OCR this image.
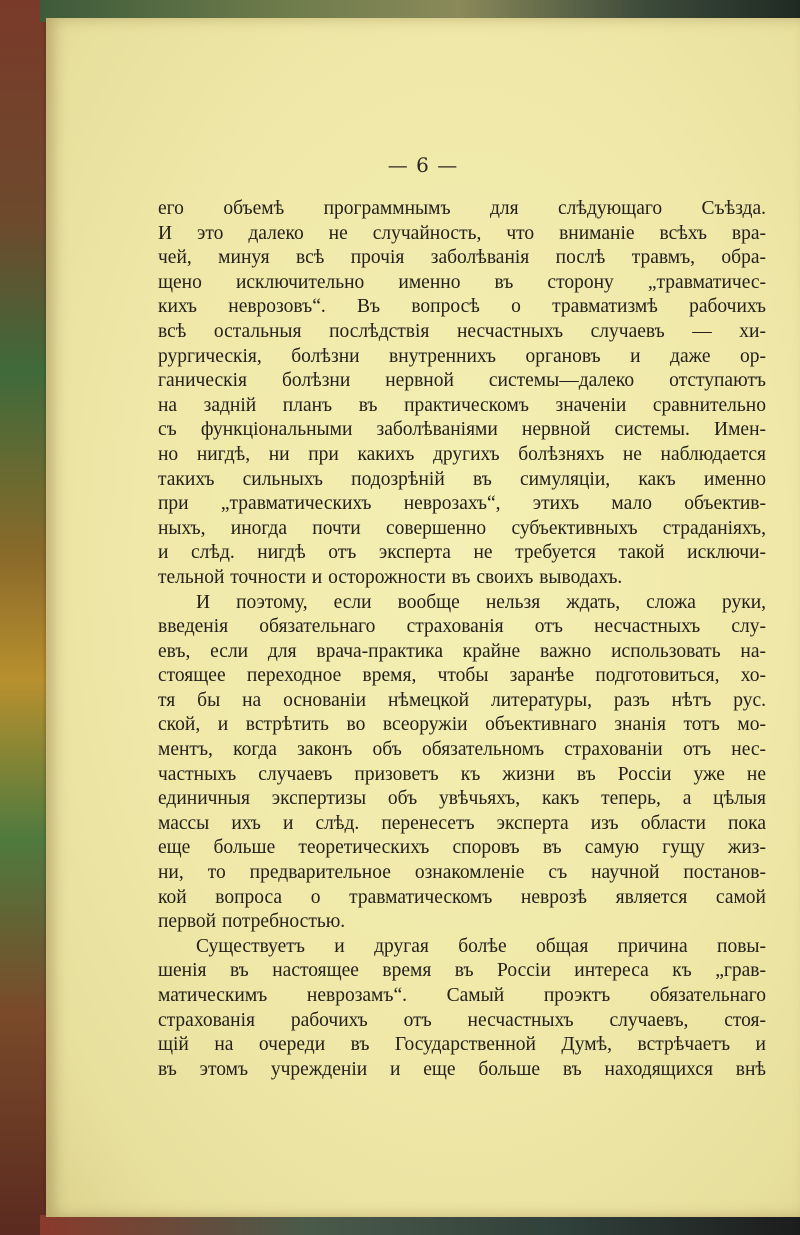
— 6 —
его объемѣ программнымъ для слѣдующаго Съѣзда.
И это далеко не случайность, что вниманіе всѣхъ вра-
чей, минуя всѣ прочія заболѣванія послѣ травмъ, обра-
щено исключительно именно въ сторону „травматичес-
кихъ неврозовъ“. Въ вопросѣ о травматизмѣ рабочихъ
всѣ остальныя послѣдствія несчастныхъ случаевъ — хи-
рургическія, болѣзни внутреннихъ органовъ и даже ор-
ганическія болѣзни нервной системы—далеко отступаютъ
на задній планъ въ практическомъ значеніи сравнительно
съ функціональными заболѣваніями нервной системы. Имен-
но нигдѣ, ни при какихъ другихъ болѣзняхъ не наблюдается
такихъ сильныхъ подозрѣній въ симуляціи, какъ именно
при „травматическихъ неврозахъ“, этихъ мало объектив-
ныхъ, иногда почти совершенно субъективныхъ страданіяхъ,
и слѣд. нигдѣ отъ эксперта не требуется такой исключи-
тельной точности и осторожности въ своихъ выводахъ.
И поэтому, если вообще нельзя ждать, сложа руки,
введенія обязательнаго страхованія отъ несчастныхъ слу-
евъ, если для врача-практика крайне важно использовать на-
стоящее переходное время, чтобы заранѣе подготовиться, хо-
тя бы на основаніи нѣмецкой литературы, разъ нѣтъ рус.
ской, и встрѣтить во всеоружіи объективнаго знанія тотъ мо-
ментъ, когда законъ объ обязательномъ страхованіи отъ нес-
частныхъ случаевъ призоветъ къ жизни въ Россіи уже не
единичныя экспертизы объ увѣчьяхъ, какъ теперь, а цѣлыя
массы ихъ и слѣд. перенесетъ эксперта изъ области пока
еще больше теоретическихъ споровъ въ самую гущу жиз-
ни, то предварительное ознакомленіе съ научной постанов-
кой вопроса о травматическомъ неврозѣ является самой
первой потребностью.
Существуетъ и другая болѣе общая причина повы-
шенія въ настоящее время въ Россіи интереса къ „грав-
матическимъ неврозамъ“. Самый проэктъ обязательнаго
страхованія рабочихъ отъ несчастныхъ случаевъ, стоя-
щій на очереди въ Государственной Думѣ, встрѣчаетъ и
въ этомъ учрежденіи и еще больше въ находящихся внѣ
